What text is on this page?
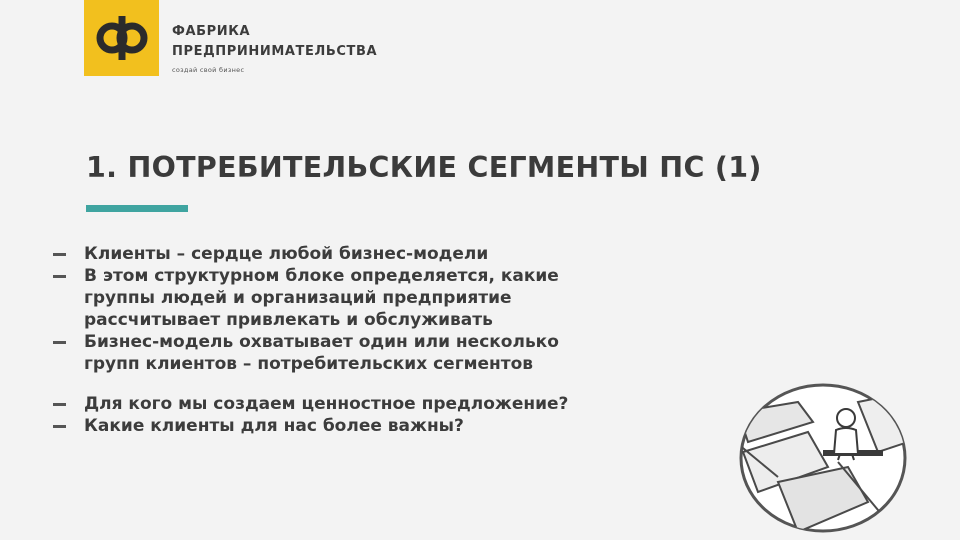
ФАБРИКА
ПРЕДПРИНИМАТЕЛЬСТВА
создай свой бизнес
1. ПОТРЕБИТЕЛЬСКИЕ СЕГМЕНТЫ ПС (1)
Клиенты – сердце любой бизнес-модели
В этом структурном блоке определяется, какие
группы людей и организаций предприятие
рассчитывает привлекать и обслуживать
Бизнес-модель охватывает один или несколько
групп клиентов – потребительских сегментов
Для кого мы создаем ценностное предложение?
Какие клиенты для нас более важны?
